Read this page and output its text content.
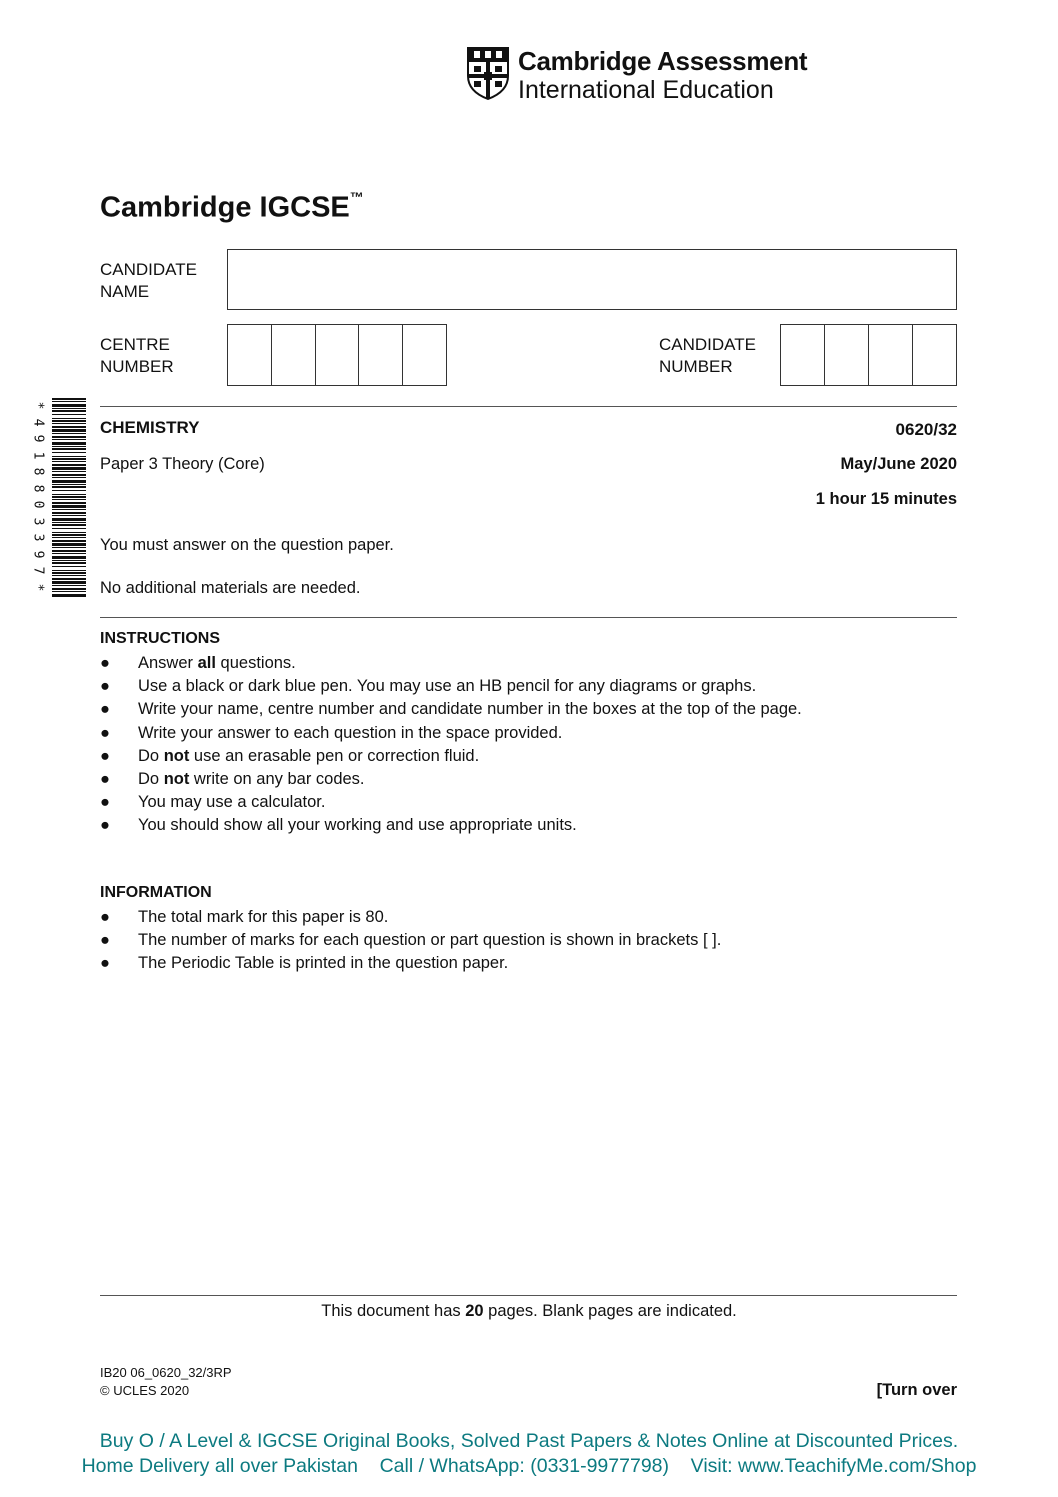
Cambridge Assessment
International Education
Cambridge IGCSE™
CANDIDATE
NAME
CENTRE
NUMBER
CANDIDATE
NUMBER
*
4
9
1
8
8
0
3
3
9
7
*
CHEMISTRY	0620/32
Paper 3 Theory (Core)	May/June 2020
1 hour 15 minutes
You must answer on the question paper.
No additional materials are needed.
INSTRUCTIONS
● Answer all questions.
● Use a black or dark blue pen. You may use an HB pencil for any diagrams or graphs.
● Write your name, centre number and candidate number in the boxes at the top of the page.
● Write your answer to each question in the space provided.
● Do not use an erasable pen or correction fluid.
● Do not write on any bar codes.
● You may use a calculator.
● You should show all your working and use appropriate units.
INFORMATION
● The total mark for this paper is 80.
● The number of marks for each question or part question is shown in brackets [ ].
● The Periodic Table is printed in the question paper.
This document has 20 pages. Blank pages are indicated.
IB20 06_0620_32/3RP
© UCLES 2020	[Turn over
Buy O / A Level & IGCSE Original Books, Solved Past Papers & Notes Online at Discounted Prices.
Home Delivery all over Pakistan    Call / WhatsApp: (0331-9977798)    Visit: www.TeachifyMe.com/Shop
